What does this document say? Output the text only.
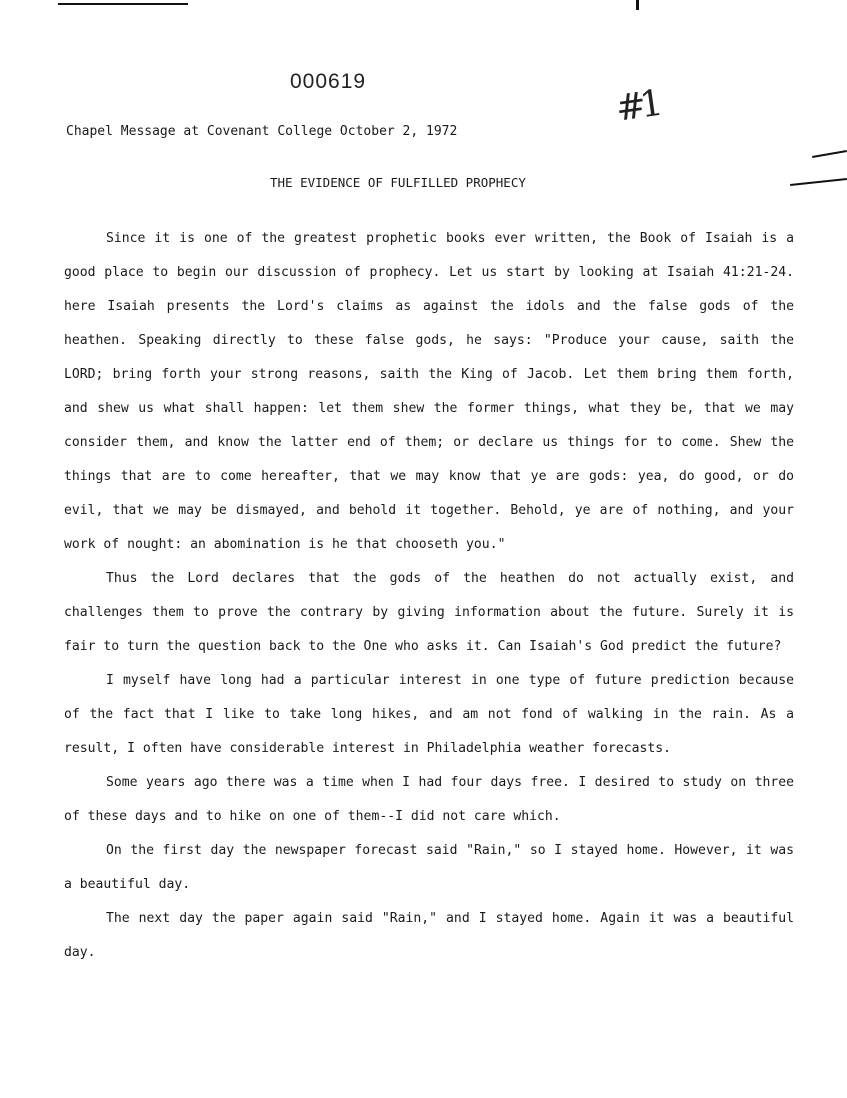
000619
#1
Chapel Message at Covenant College October 2, 1972
THE EVIDENCE OF FULFILLED PROPHECY

Since it is one of the greatest prophetic books ever written, the Book of Isaiah is a good place to begin our discussion of prophecy. Let us start by looking at Isaiah 41:21-24. here Isaiah presents the Lord's claims as against the idols and the false gods of the heathen. Speaking directly to these false gods, he says: "Produce your cause, saith the LORD; bring forth your strong reasons, saith the King of Jacob. Let them bring them forth, and shew us what shall happen: let them shew the former things, what they be, that we may consider them, and know the latter end of them; or declare us things for to come. Shew the things that are to come hereafter, that we may know that ye are gods: yea, do good, or do evil, that we may be dismayed, and behold it together. Behold, ye are of nothing, and your work of nought: an abomination is he that chooseth you."

Thus the Lord declares that the gods of the heathen do not actually exist, and challenges them to prove the contrary by giving information about the future. Surely it is fair to turn the question back to the One who asks it. Can Isaiah's God predict the future?

I myself have long had a particular interest in one type of future prediction because of the fact that I like to take long hikes, and am not fond of walking in the rain. As a result, I often have considerable interest in Philadelphia weather forecasts.

Some years ago there was a time when I had four days free. I desired to study on three of these days and to hike on one of them--I did not care which.

On the first day the newspaper forecast said "Rain," so I stayed home. However, it was a beautiful day.

The next day the paper again said "Rain," and I stayed home. Again it was a beautiful day.
